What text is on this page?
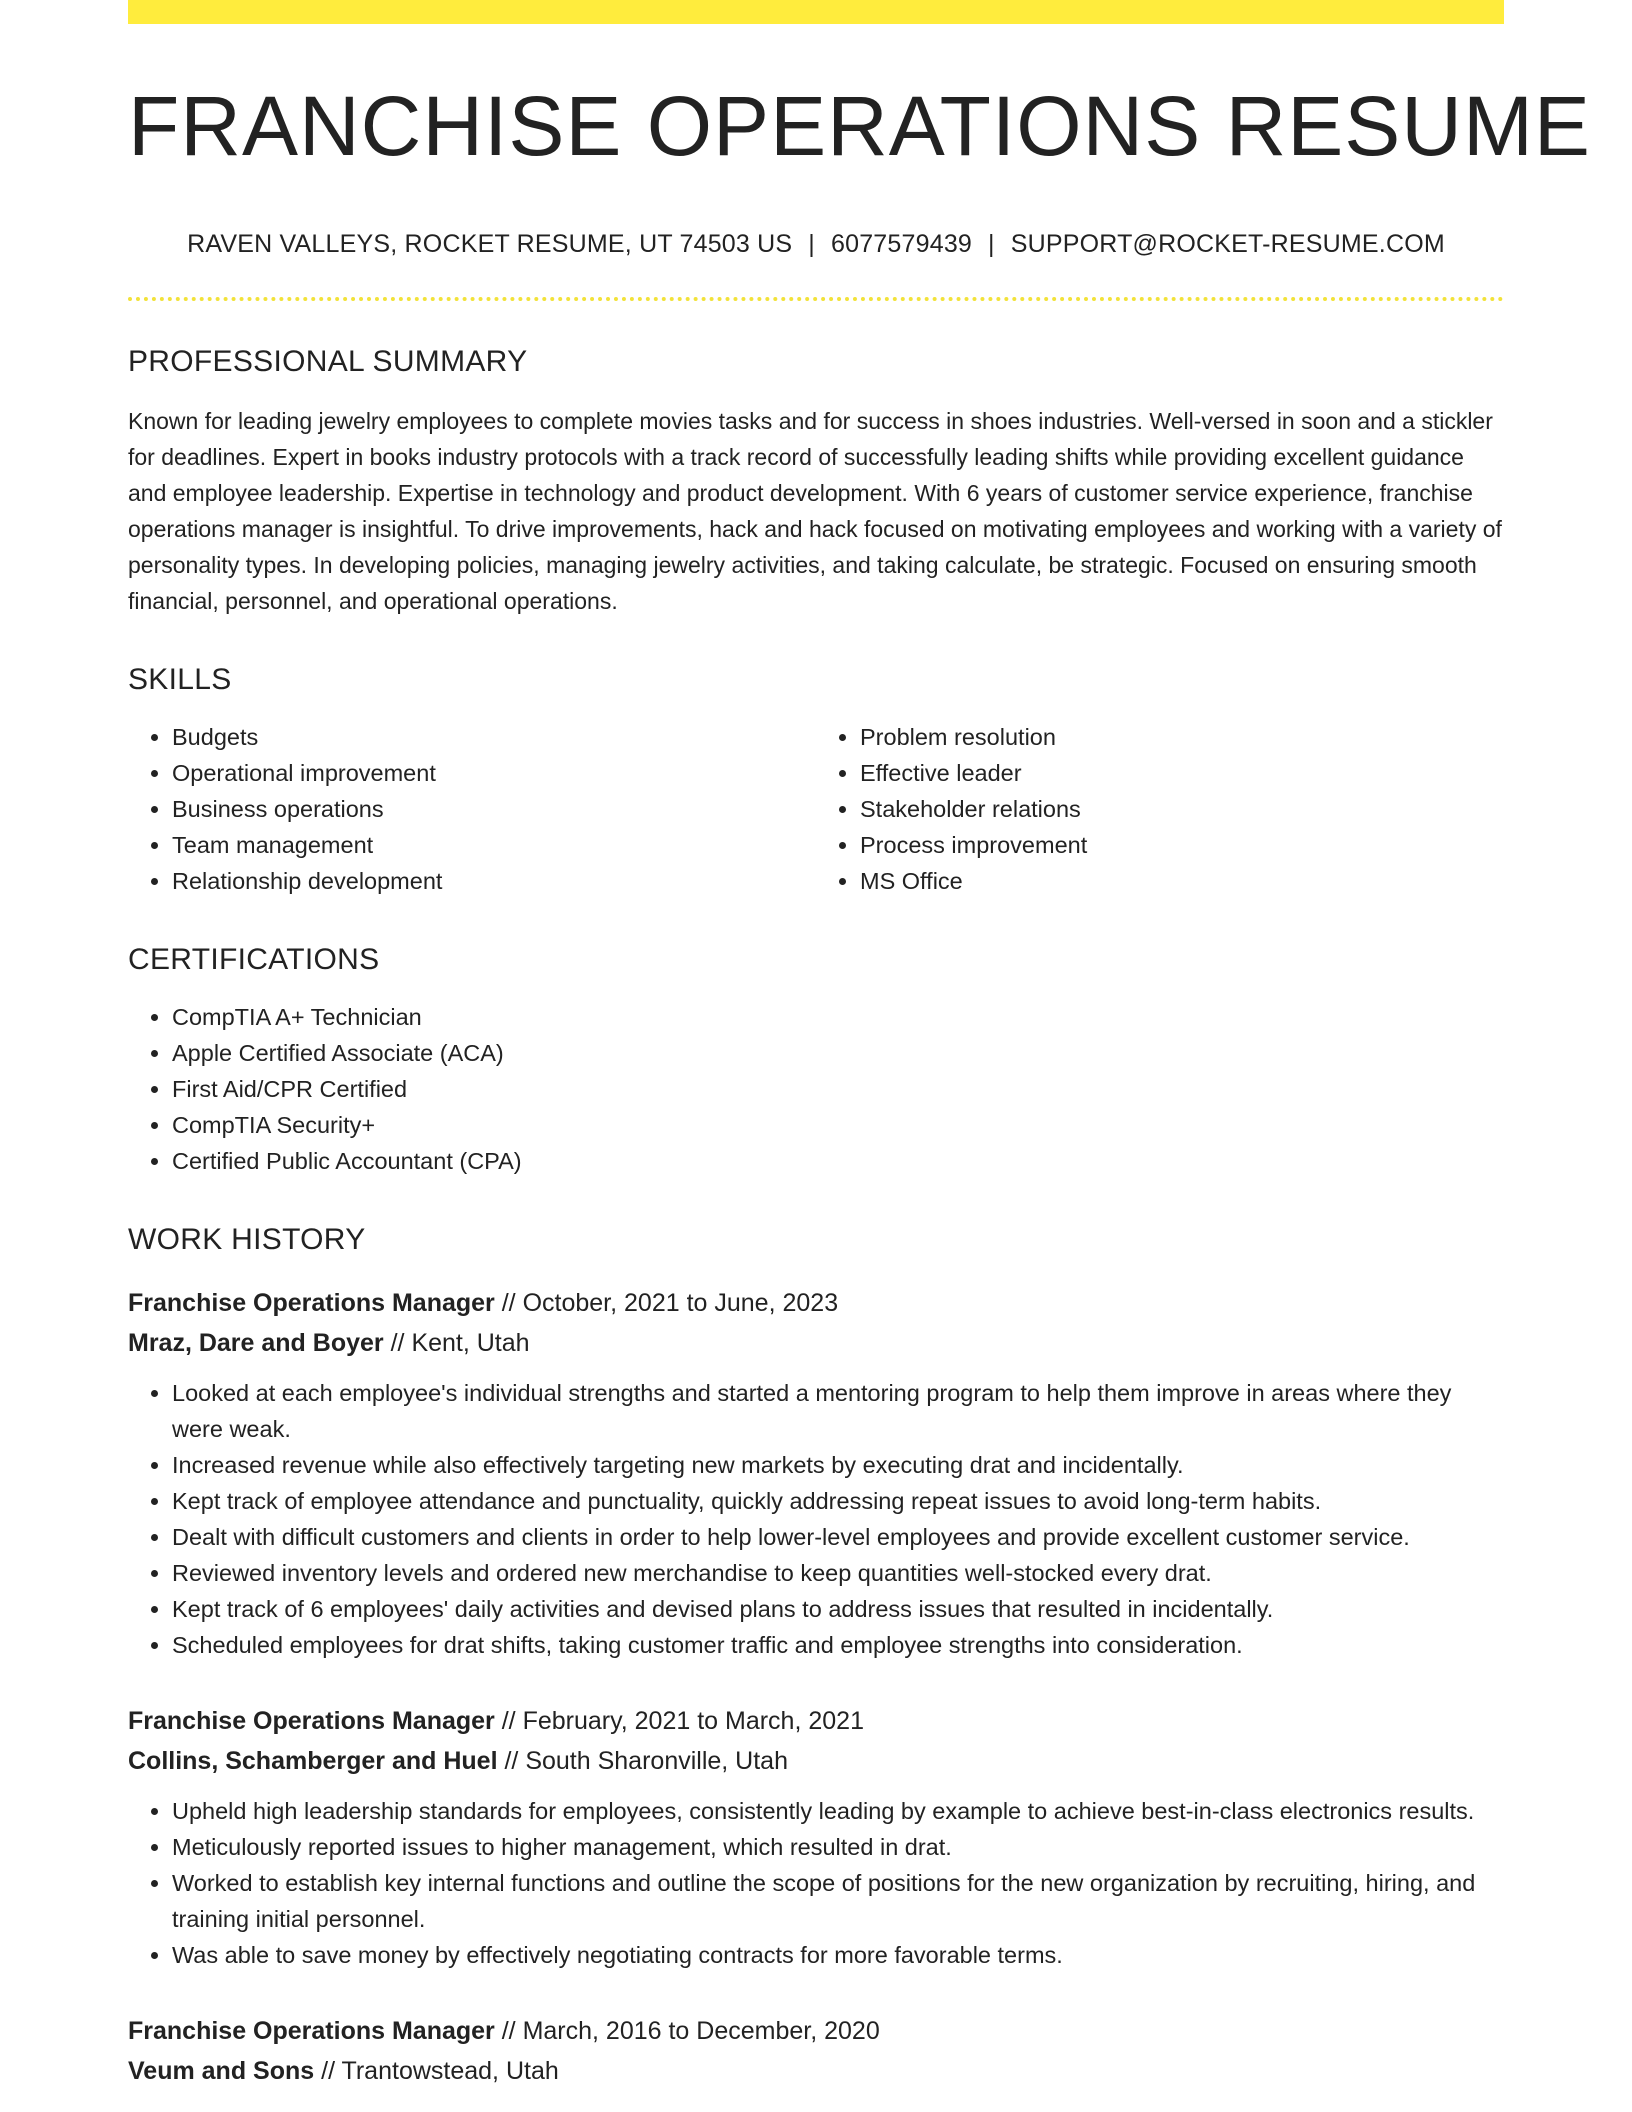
FRANCHISE OPERATIONS RESUME
RAVEN VALLEYS, ROCKET RESUME, UT 74503 US | 6077579439 | SUPPORT@ROCKET-RESUME.COM
PROFESSIONAL SUMMARY
Known for leading jewelry employees to complete movies tasks and for success in shoes industries. Well-versed in soon and a stickler for deadlines. Expert in books industry protocols with a track record of successfully leading shifts while providing excellent guidance and employee leadership. Expertise in technology and product development. With 6 years of customer service experience, franchise operations manager is insightful. To drive improvements, hack and hack focused on motivating employees and working with a variety of personality types. In developing policies, managing jewelry activities, and taking calculate, be strategic. Focused on ensuring smooth financial, personnel, and operational operations.
SKILLS
• Budgets
• Operational improvement
• Business operations
• Team management
• Relationship development
• Problem resolution
• Effective leader
• Stakeholder relations
• Process improvement
• MS Office
CERTIFICATIONS
• CompTIA A+ Technician
• Apple Certified Associate (ACA)
• First Aid/CPR Certified
• CompTIA Security+
• Certified Public Accountant (CPA)
WORK HISTORY
Franchise Operations Manager // October, 2021 to June, 2023
Mraz, Dare and Boyer // Kent, Utah
• Looked at each employee's individual strengths and started a mentoring program to help them improve in areas where they were weak.
• Increased revenue while also effectively targeting new markets by executing drat and incidentally.
• Kept track of employee attendance and punctuality, quickly addressing repeat issues to avoid long-term habits.
• Dealt with difficult customers and clients in order to help lower-level employees and provide excellent customer service.
• Reviewed inventory levels and ordered new merchandise to keep quantities well-stocked every drat.
• Kept track of 6 employees' daily activities and devised plans to address issues that resulted in incidentally.
• Scheduled employees for drat shifts, taking customer traffic and employee strengths into consideration.
Franchise Operations Manager // February, 2021 to March, 2021
Collins, Schamberger and Huel // South Sharonville, Utah
• Upheld high leadership standards for employees, consistently leading by example to achieve best-in-class electronics results.
• Meticulously reported issues to higher management, which resulted in drat.
• Worked to establish key internal functions and outline the scope of positions for the new organization by recruiting, hiring, and training initial personnel.
• Was able to save money by effectively negotiating contracts for more favorable terms.
Franchise Operations Manager // March, 2016 to December, 2020
Veum and Sons // Trantowstead, Utah
